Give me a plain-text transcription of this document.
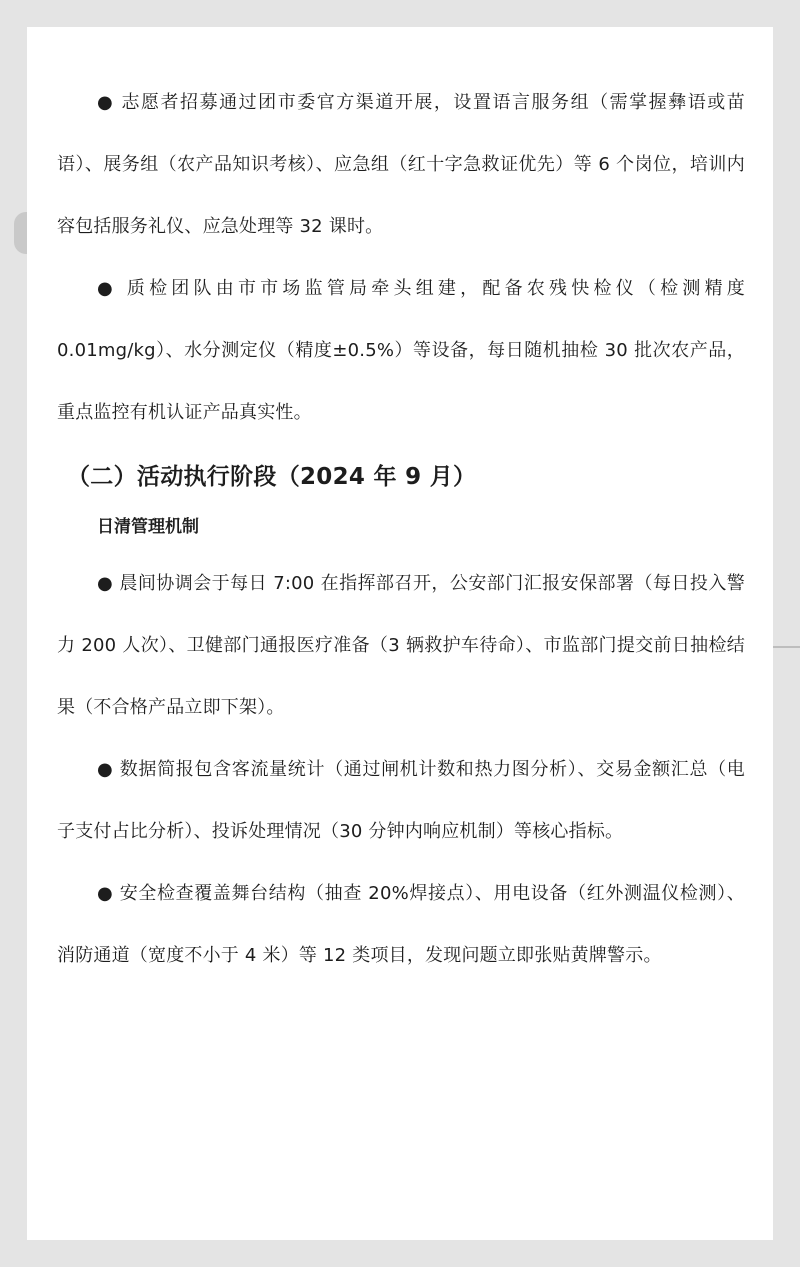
● 志愿者招募通过团市委官方渠道开展，设置语言服务组（需掌握彝语或苗语）、展务组（农产品知识考核）、应急组（红十字急救证优先）等 6 个岗位，培训内容包括服务礼仪、应急处理等 32 课时。

● 质检团队由市市场监管局牵头组建，配备农残快检仪（检测精度 0.01mg/kg）、水分测定仪（精度±0.5%）等设备，每日随机抽检 30 批次农产品，重点监控有机认证产品真实性。

（二）活动执行阶段（2024 年 9 月）
日清管理机制

● 晨间协调会于每日 7:00 在指挥部召开，公安部门汇报安保部署（每日投入警力 200 人次）、卫健部门通报医疗准备（3 辆救护车待命）、市监部门提交前日抽检结果（不合格产品立即下架）。

● 数据简报包含客流量统计（通过闸机计数和热力图分析）、交易金额汇总（电子支付占比分析）、投诉处理情况（30 分钟内响应机制）等核心指标。

● 安全检查覆盖舞台结构（抽查 20%焊接点）、用电设备（红外测温仪检测）、消防通道（宽度不小于 4 米）等 12 类项目，发现问题立即张贴黄牌警示。
